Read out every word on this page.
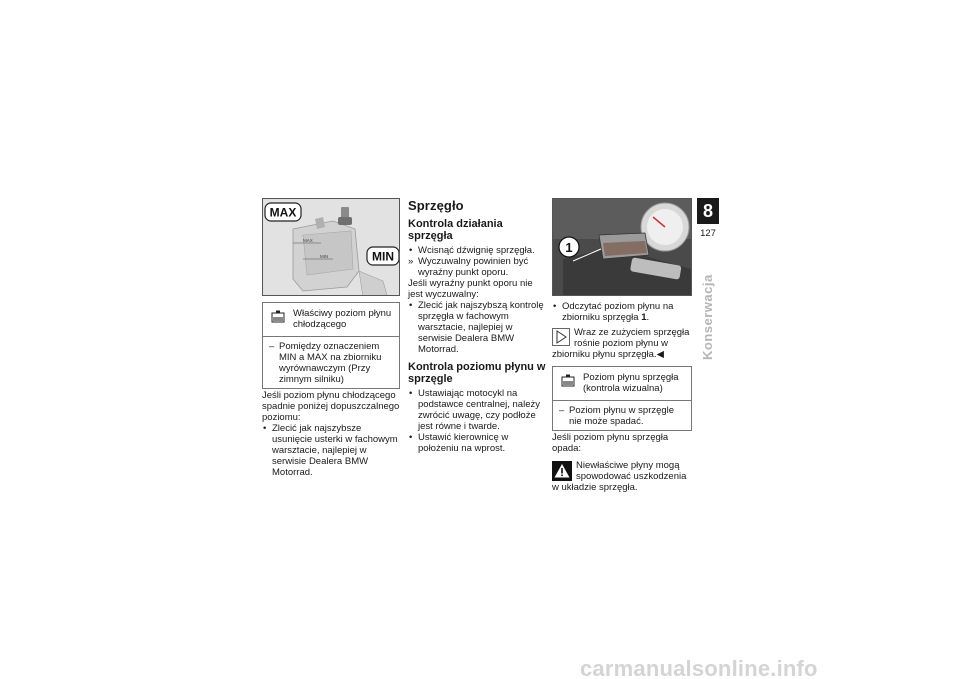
MAX
MIN
MAX
MIN
Właściwy poziom płynu chłodzącego
– Pomiędzy oznaczeniem MIN a MAX na zbiorniku wyrównawczym (Przy zimnym silniku)

Jeśli poziom płynu chłodzącego spadnie poniżej dopuszczalnego poziomu:

• Zlecić jak najszybsze usunięcie usterki w fachowym warsztacie, najlepiej w serwisie Dealera BMW Motorrad.
Sprzęgło
Kontrola działania sprzęgła
• Wcisnąć dźwignię sprzęgła.
» Wyczuwalny powinien być wyraźny punkt oporu.

Jeśli wyraźny punkt oporu nie jest wyczuwalny:

• Zlecić jak najszybszą kontrolę sprzęgła w fachowym warsztacie, najlepiej w serwisie Dealera BMW Motorrad.
Kontrola poziomu płynu w sprzęgle
• Ustawiając motocykl na podstawce centralnej, należy zwrócić uwagę, czy podłoże jest równe i twarde.
• Ustawić kierownicę w położeniu na wprost.
1
• Odczytać poziom płynu na zbiorniku sprzęgła 1.
Wraz ze zużyciem sprzęgła rośnie poziom płynu w zbiorniku płynu sprzęgła.◀
Poziom płynu sprzęgła (kontrola wizualna)
– Poziom płynu w sprzęgle nie może spadać.

Jeśli poziom płynu sprzęgła opada:

Niewłaściwe płyny mogą spowodować uszkodzenia w układzie sprzęgła.
8
127
Konserwacja
carmanualsonline.info
